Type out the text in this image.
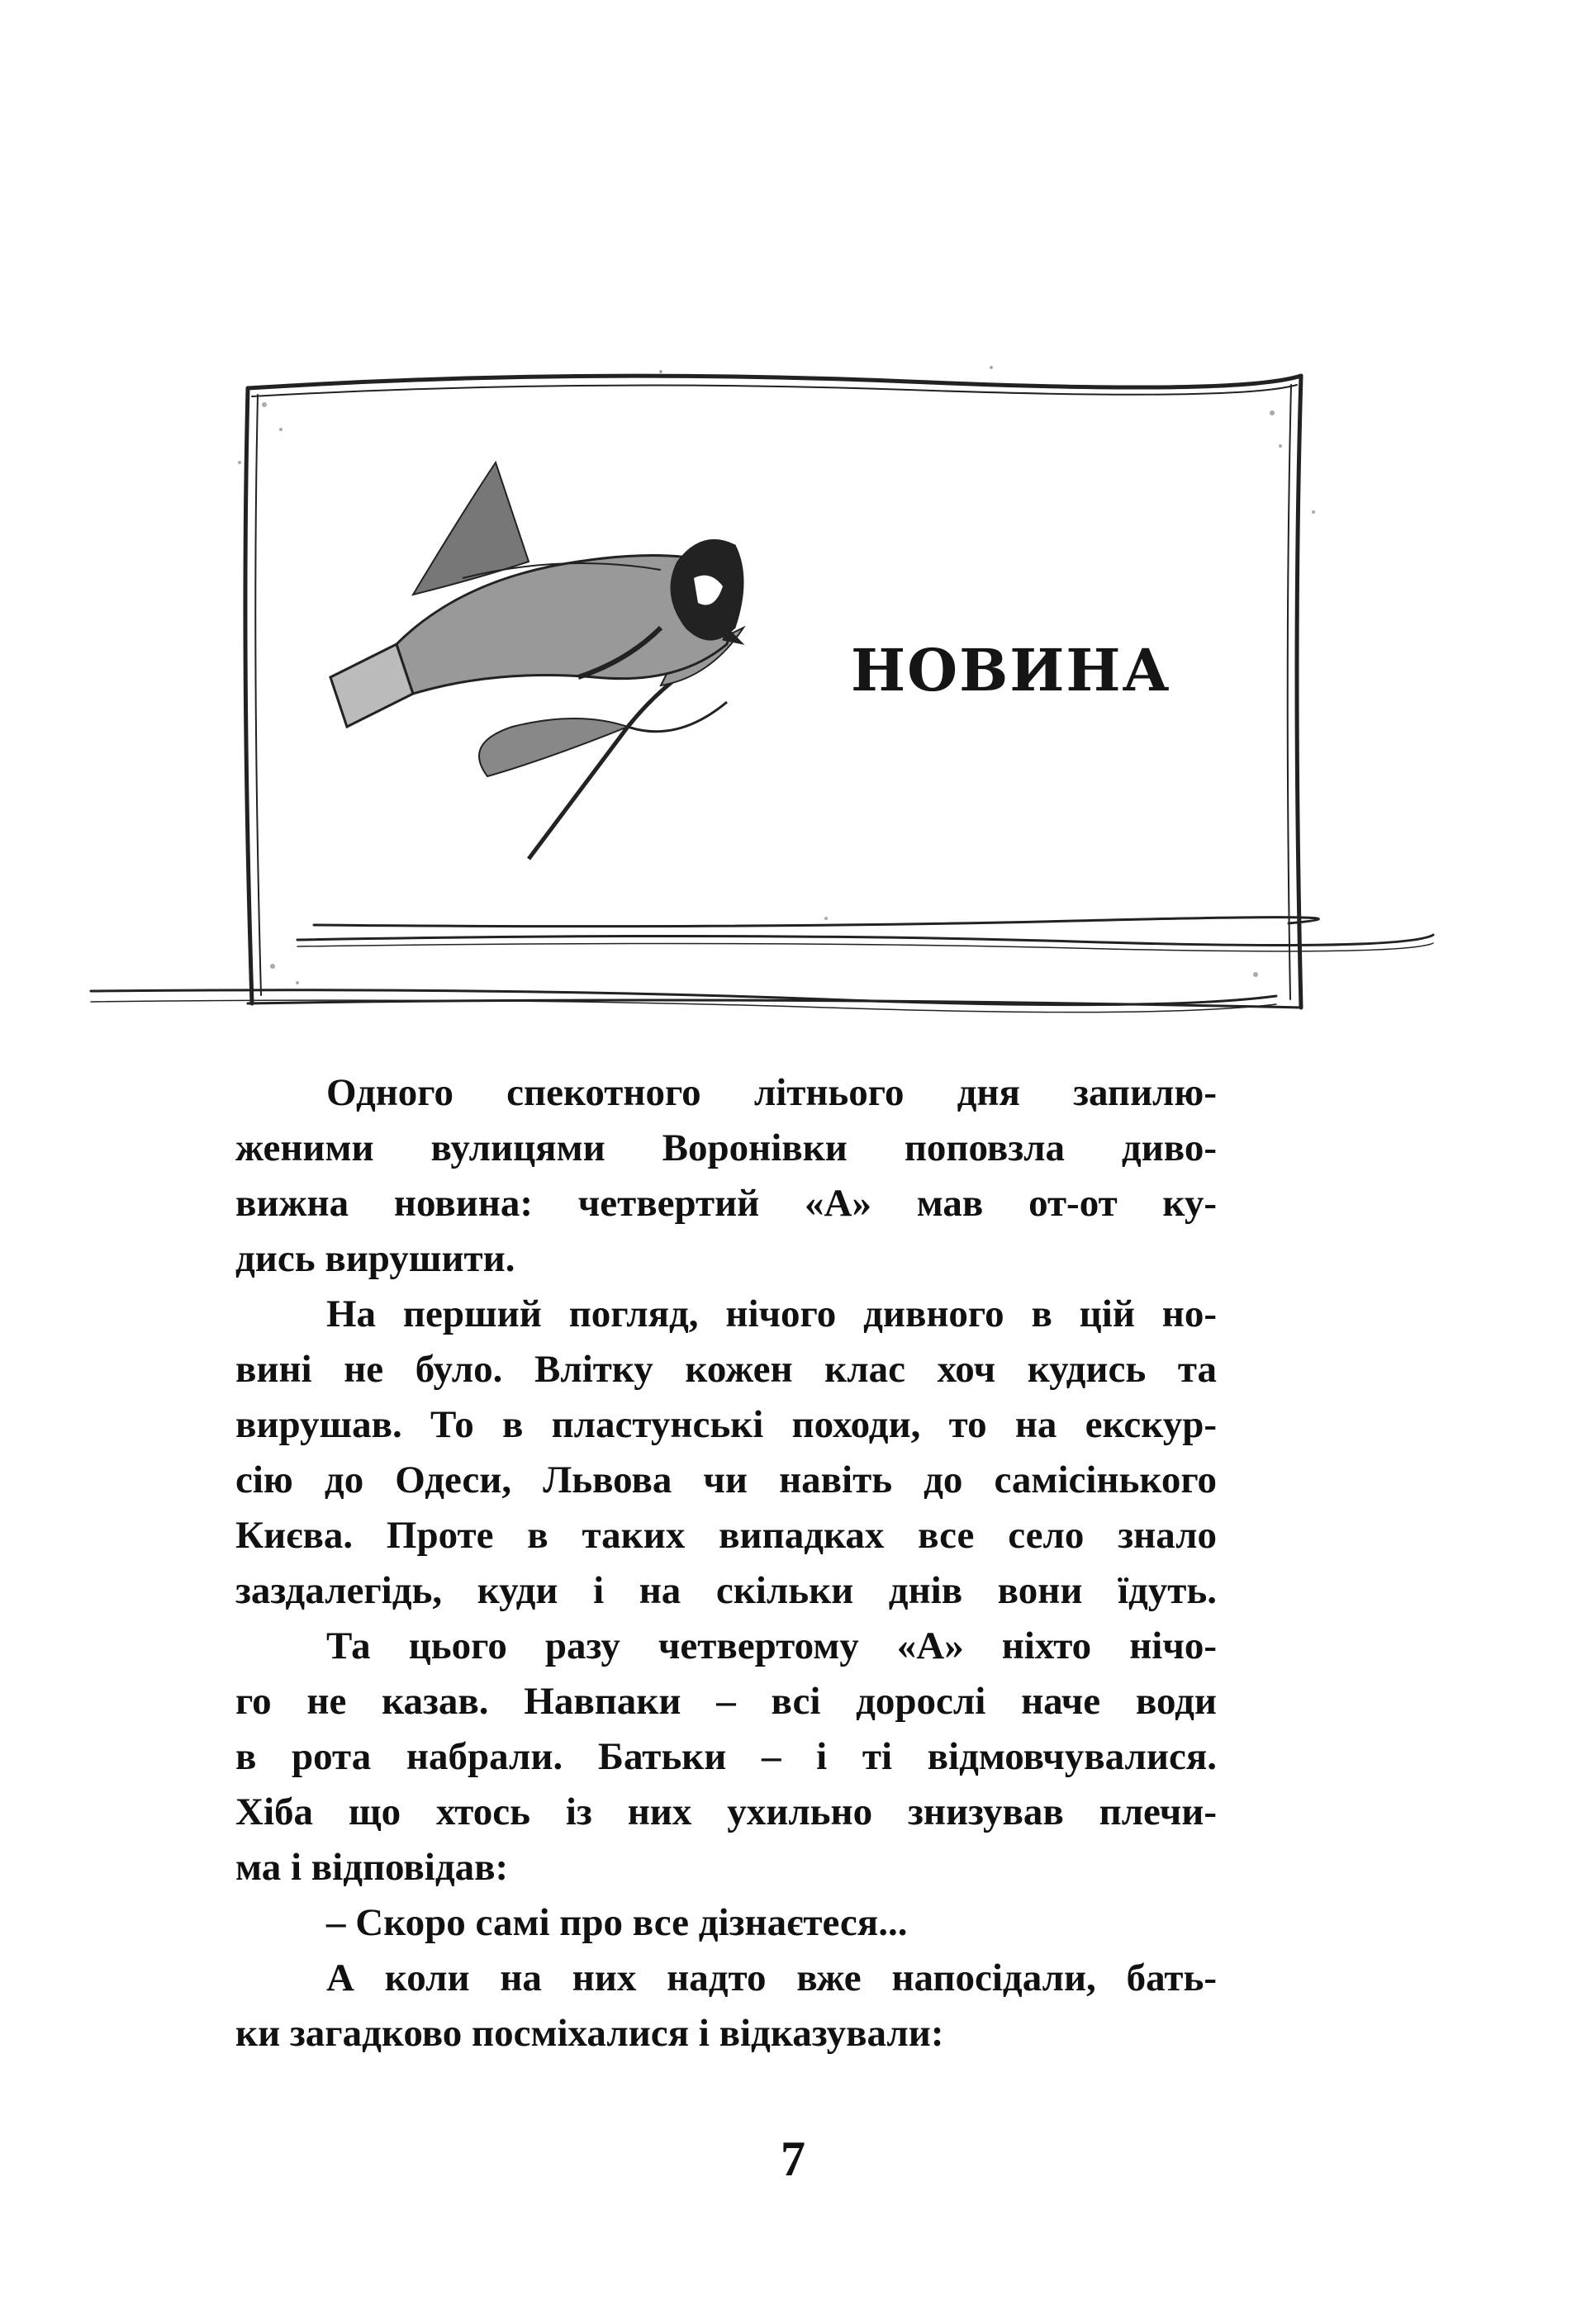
НОВИНА
Одного спекотного літнього дня запилю-
женими вулицями Воронівки поповзла диво-
вижна новина: четвертий «А» мав от-от ку-
дись вирушити.
На перший погляд, нічого дивного в цій но-
вині не було. Влітку кожен клас хоч кудись та
вирушав. То в пластунські походи, то на екскур-
сію до Одеси, Львова чи навіть до самісінького
Києва. Проте в таких випадках все село знало
заздалегідь, куди і на скільки днів вони їдуть.
Та цього разу четвертому «А» ніхто нічо-
го не казав. Навпаки – всі дорослі наче води
в рота набрали. Батьки – і ті відмовчувалися.
Хіба що хтось із них ухильно знизував плечи-
ма і відповідав:
– Скоро самі про все дізнаєтеся...
А коли на них надто вже напосідали, бать-
ки загадково посміхалися і відказували:
7
